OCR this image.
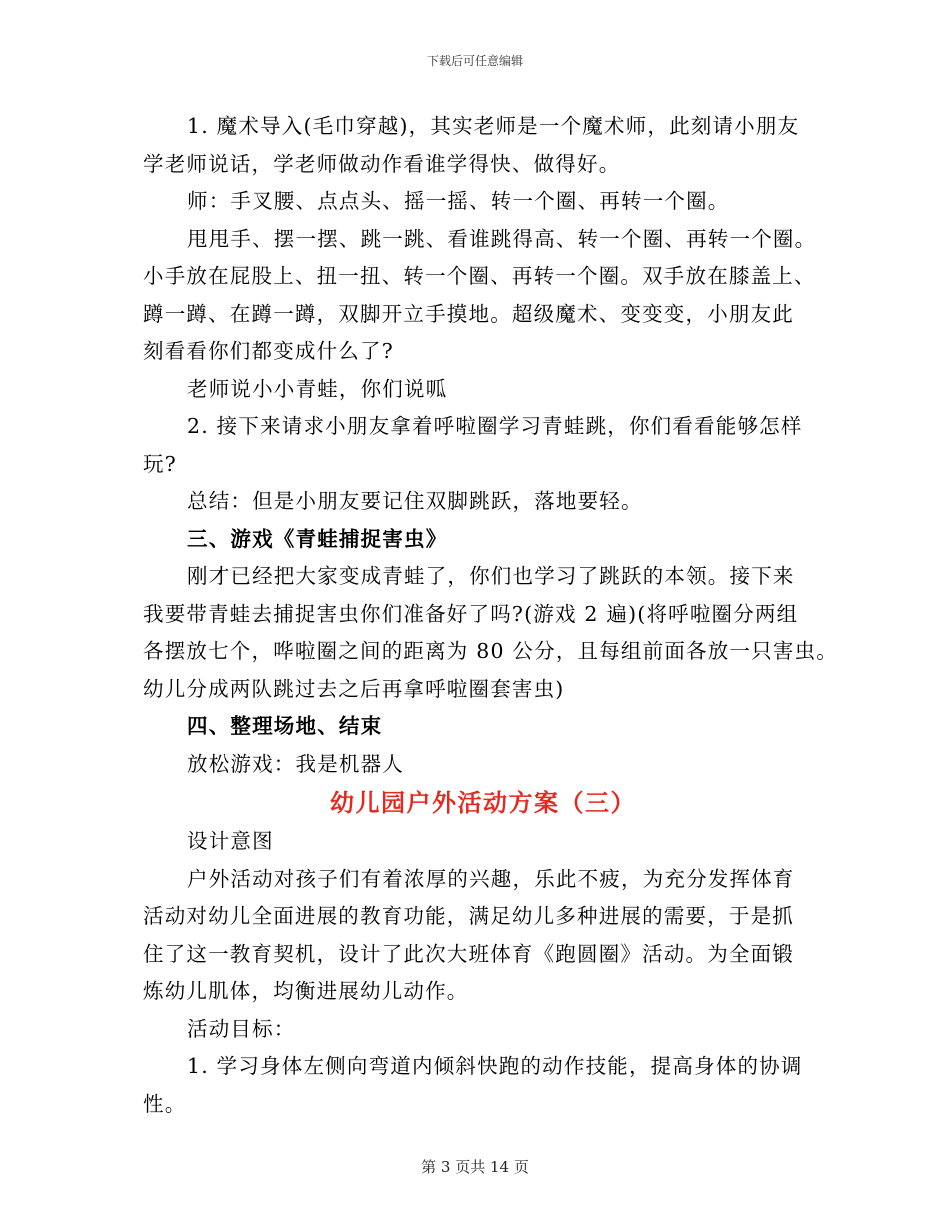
下载后可任意编辑

1. 魔术导入(毛巾穿越)，其实老师是一个魔术师，此刻请小朋友

学老师说话，学老师做动作看谁学得快、做得好。

师：手叉腰、点点头、摇一摇、转一个圈、再转一个圈。

甩甩手、摆一摆、跳一跳、看谁跳得高、转一个圈、再转一个圈。

小手放在屁股上、扭一扭、转一个圈、再转一个圈。双手放在膝盖上、

蹲一蹲、在蹲一蹲，双脚开立手摸地。超级魔术、变变变，小朋友此

刻看看你们都变成什么了?

老师说小小青蛙，你们说呱

2. 接下来请求小朋友拿着呼啦圈学习青蛙跳，你们看看能够怎样

玩?

总结：但是小朋友要记住双脚跳跃，落地要轻。

三、游戏《青蛙捕捉害虫》

刚才已经把大家变成青蛙了，你们也学习了跳跃的本领。接下来

我要带青蛙去捕捉害虫你们准备好了吗?(游戏 2 遍)(将呼啦圈分两组

各摆放七个，哗啦圈之间的距离为 80 公分，且每组前面各放一只害虫。

幼儿分成两队跳过去之后再拿呼啦圈套害虫)

四、整理场地、结束

放松游戏：我是机器人

幼儿园户外活动方案（三）

设计意图

户外活动对孩子们有着浓厚的兴趣，乐此不疲，为充分发挥体育

活动对幼儿全面进展的教育功能，满足幼儿多种进展的需要，于是抓

住了这一教育契机，设计了此次大班体育《跑圆圈》活动。为全面锻

炼幼儿肌体，均衡进展幼儿动作。

活动目标：

1. 学习身体左侧向弯道内倾斜快跑的动作技能，提高身体的协调

性。

第 3 页共 14 页
